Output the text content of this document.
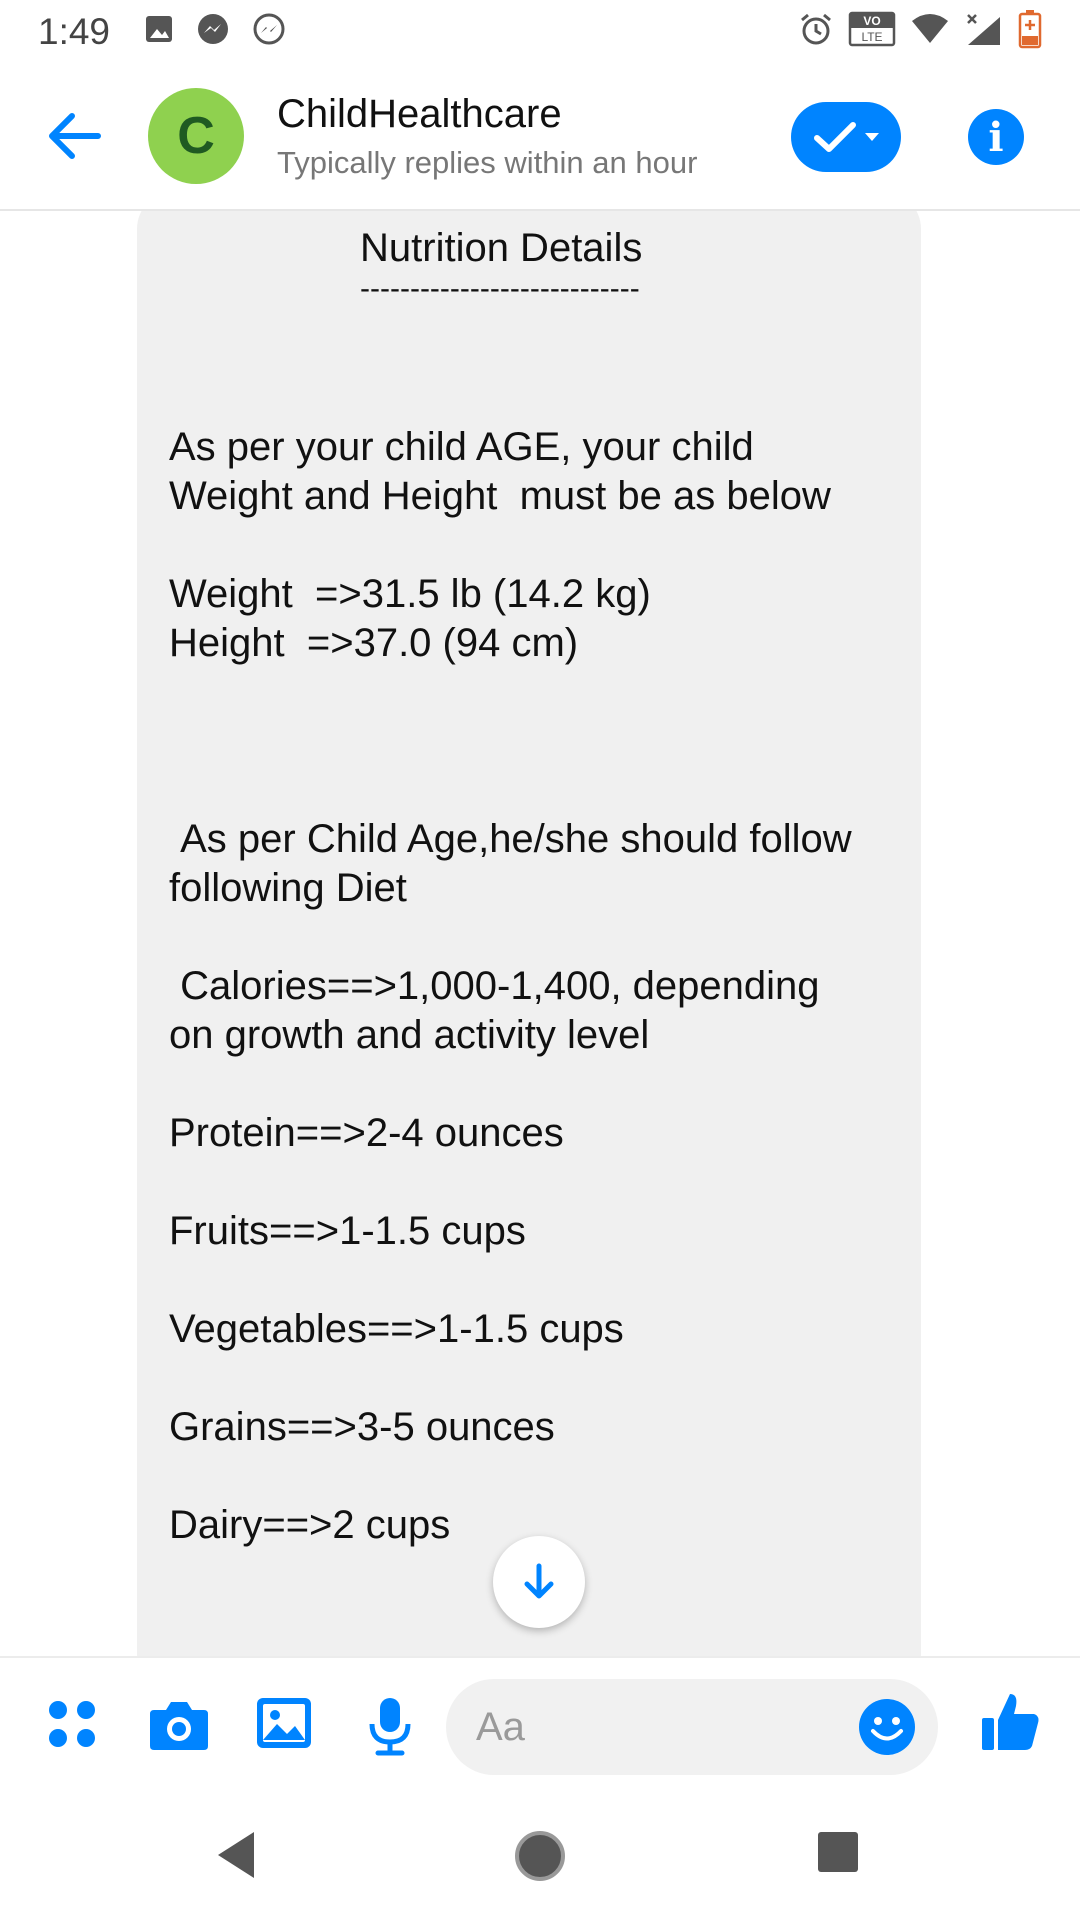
1:49	VO
LTE
C ChildHealthcare
Typically replies within an hour
i
Nutrition Details
----------------------------
As per your child AGE, your child
Weight and Height  must be as below

Weight  =>31.5 lb (14.2 kg)
Height  =>37.0 (94 cm)

As per Child Age,he/she should follow
following Diet

Calories==>1,000-1,400, depending
on growth and activity level

Protein==>2-4 ounces

Fruits==>1-1.5 cups

Vegetables==>1-1.5 cups

Grains==>3-5 ounces

Dairy==>2 cups
Aa
